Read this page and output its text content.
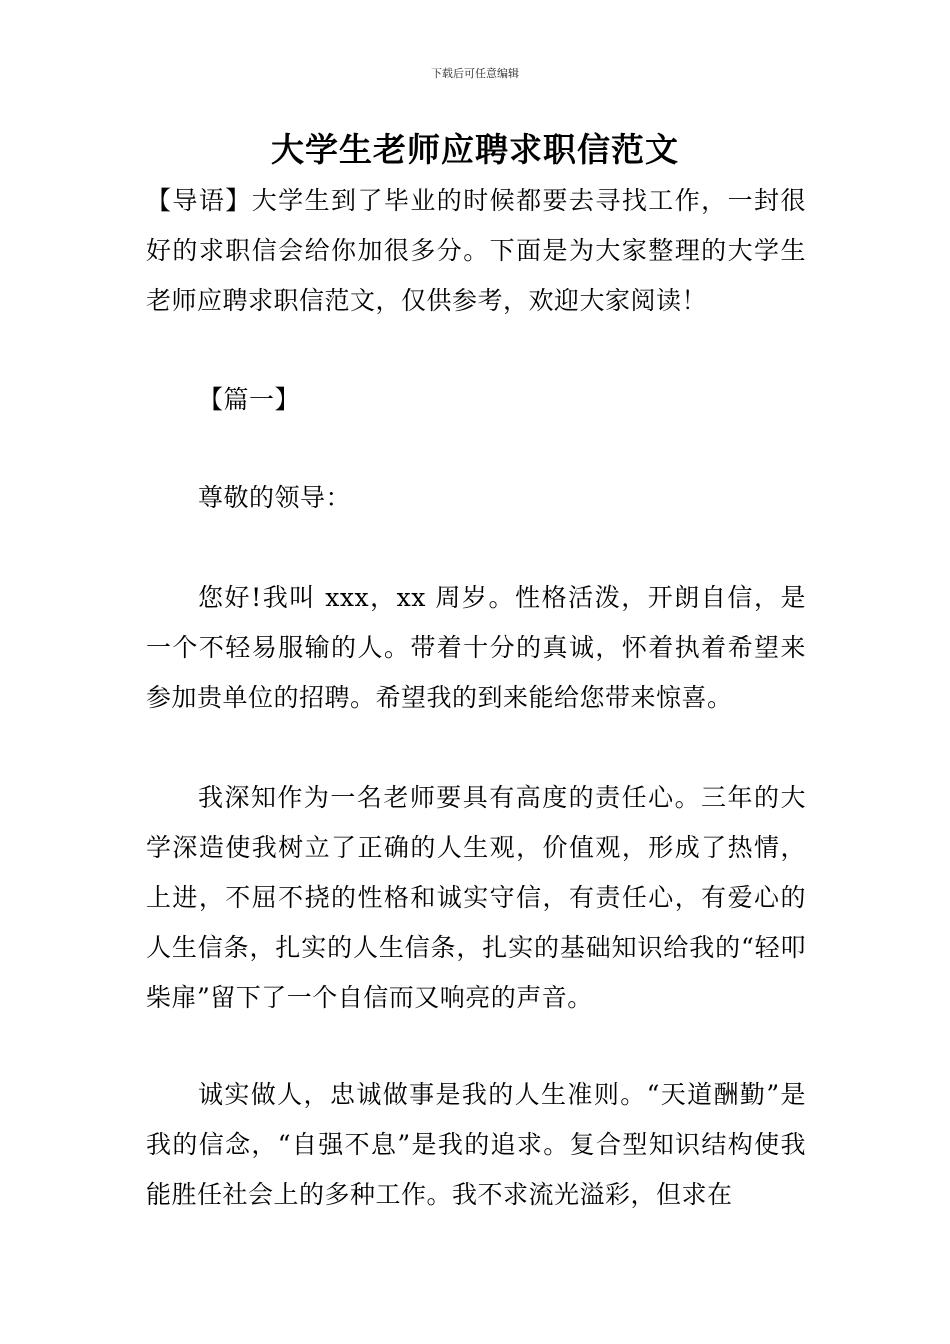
下载后可任意编辑
大学生老师应聘求职信范文

【导语】大学生到了毕业的时候都要去寻找工作，一封很好的求职信会给你加很多分。下面是为大家整理的大学生老师应聘求职信范文，仅供参考，欢迎大家阅读！

【篇一】

尊敬的领导：

您好!我叫 xxx，xx 周岁。性格活泼，开朗自信，是一个不轻易服输的人。带着十分的真诚，怀着执着希望来参加贵单位的招聘。希望我的到来能给您带来惊喜。

我深知作为一名老师要具有高度的责任心。三年的大学深造使我树立了正确的人生观，价值观，形成了热情，上进，不屈不挠的性格和诚实守信，有责任心，有爱心的人生信条，扎实的人生信条，扎实的基础知识给我的“轻叩柴扉”留下了一个自信而又响亮的声音。

诚实做人，忠诚做事是我的人生准则。“天道酬勤”是我的信念，“自强不息”是我的追求。复合型知识结构使我能胜任社会上的多种工作。我不求流光溢彩，但求在
